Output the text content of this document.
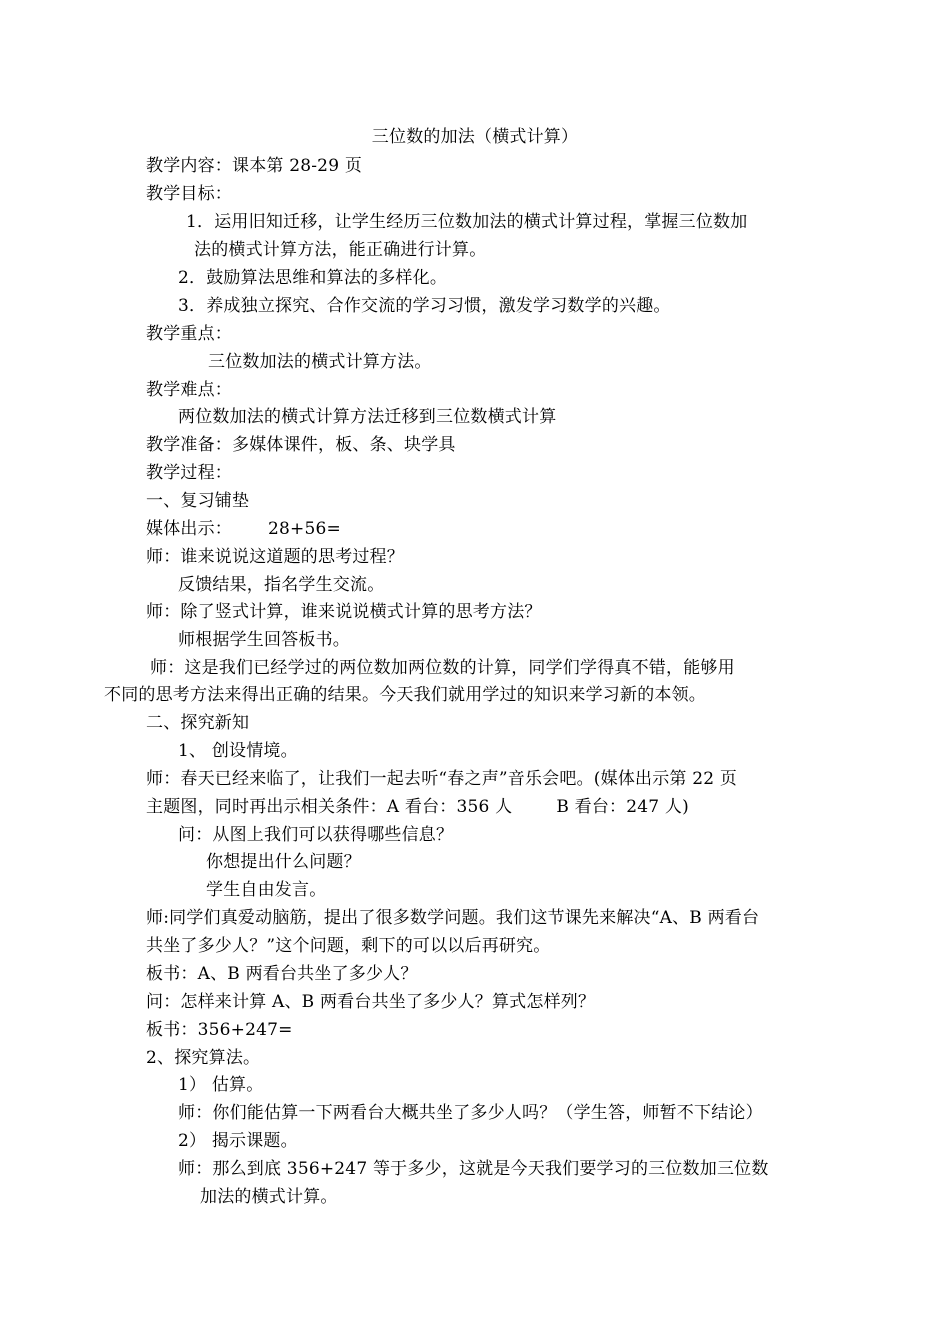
三位数的加法（横式计算）
教学内容：课本第 28-29 页
教学目标：
1．运用旧知迁移，让学生经历三位数加法的横式计算过程，掌握三位数加
法的横式计算方法，能正确进行计算。
2．鼓励算法思维和算法的多样化。
3．养成独立探究、合作交流的学习习惯，激发学习数学的兴趣。
教学重点：
三位数加法的横式计算方法。
教学难点：
两位数加法的横式计算方法迁移到三位数横式计算
教学准备：多媒体课件，板、条、块学具
教学过程：
一、复习铺垫
媒体出示： 28+56=
师：谁来说说这道题的思考过程？
反馈结果，指名学生交流。
师：除了竖式计算，谁来说说横式计算的思考方法？
师根据学生回答板书。
师：这是我们已经学过的两位数加两位数的计算，同学们学得真不错，能够用
不同的思考方法来得出正确的结果。今天我们就用学过的知识来学习新的本领。
二、探究新知
1、 创设情境。
师：春天已经来临了，让我们一起去听“春之声”音乐会吧。(媒体出示第 22 页
主题图，同时再出示相关条件：A 看台：356 人	B 看台：247 人)
问：从图上我们可以获得哪些信息？
你想提出什么问题？
学生自由发言。
师:同学们真爱动脑筋，提出了很多数学问题。我们这节课先来解决“A、B 两看台
共坐了多少人？”这个问题，剩下的可以以后再研究。
板书：A、B 两看台共坐了多少人？
问：怎样来计算 A、B 两看台共坐了多少人？算式怎样列？
板书：356+247=
2、探究算法。
1） 估算。
师：你们能估算一下两看台大概共坐了多少人吗？（学生答，师暂不下结论）
2） 揭示课题。
师：那么到底 356+247 等于多少，这就是今天我们要学习的三位数加三位数
加法的横式计算。
